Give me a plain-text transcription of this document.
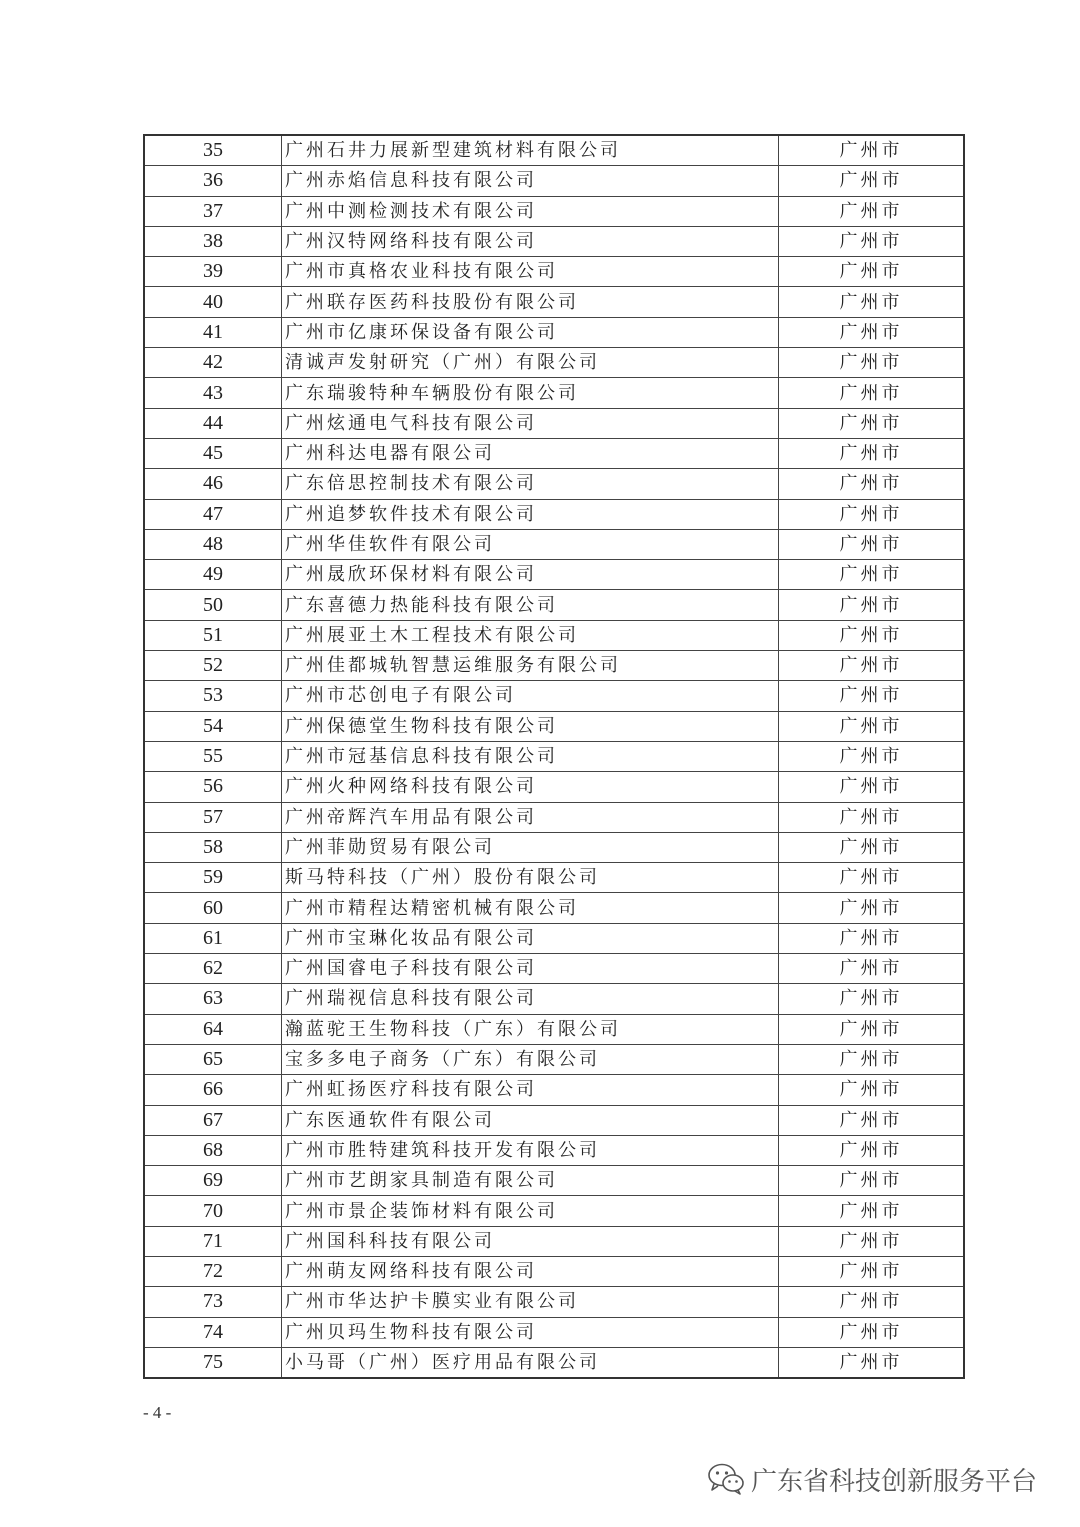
35	广州石井力展新型建筑材料有限公司	广州市
36	广州赤焰信息科技有限公司	广州市
37	广州中测检测技术有限公司	广州市
38	广州汉特网络科技有限公司	广州市
39	广州市真格农业科技有限公司	广州市
40	广州联存医药科技股份有限公司	广州市
41	广州市亿康环保设备有限公司	广州市
42	清诚声发射研究（广州）有限公司	广州市
43	广东瑞骏特种车辆股份有限公司	广州市
44	广州炫通电气科技有限公司	广州市
45	广州科达电器有限公司	广州市
46	广东倍思控制技术有限公司	广州市
47	广州追梦软件技术有限公司	广州市
48	广州华佳软件有限公司	广州市
49	广州晟欣环保材料有限公司	广州市
50	广东喜德力热能科技有限公司	广州市
51	广州展亚土木工程技术有限公司	广州市
52	广州佳都城轨智慧运维服务有限公司	广州市
53	广州市芯创电子有限公司	广州市
54	广州保德堂生物科技有限公司	广州市
55	广州市冠基信息科技有限公司	广州市
56	广州火种网络科技有限公司	广州市
57	广州帝辉汽车用品有限公司	广州市
58	广州菲勋贸易有限公司	广州市
59	斯马特科技（广州）股份有限公司	广州市
60	广州市精程达精密机械有限公司	广州市
61	广州市宝琳化妆品有限公司	广州市
62	广州国睿电子科技有限公司	广州市
63	广州瑞视信息科技有限公司	广州市
64	瀚蓝驼王生物科技（广东）有限公司	广州市
65	宝多多电子商务（广东）有限公司	广州市
66	广州虹扬医疗科技有限公司	广州市
67	广东医通软件有限公司	广州市
68	广州市胜特建筑科技开发有限公司	广州市
69	广州市艺朗家具制造有限公司	广州市
70	广州市景企装饰材料有限公司	广州市
71	广州国科科技有限公司	广州市
72	广州萌友网络科技有限公司	广州市
73	广州市华达护卡膜实业有限公司	广州市
74	广州贝玛生物科技有限公司	广州市
75	小马哥（广州）医疗用品有限公司	广州市
- 4 -
广东省科技创新服务平台
